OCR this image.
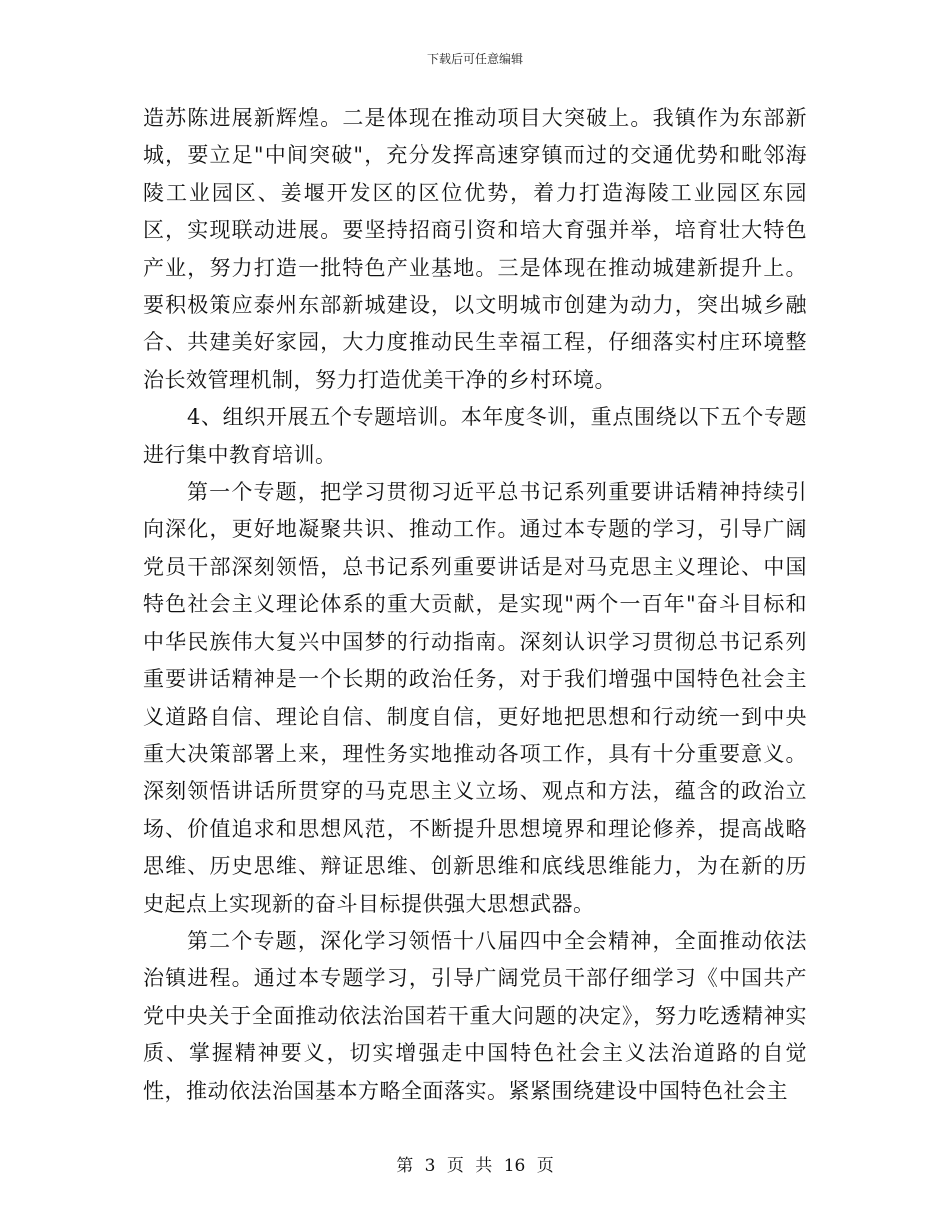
下载后可任意编辑

造苏陈进展新辉煌。二是体现在推动项目大突破上。我镇作为东部新城，要立足"中间突破"，充分发挥高速穿镇而过的交通优势和毗邻海陵工业园区、姜堰开发区的区位优势，着力打造海陵工业园区东园区，实现联动进展。要坚持招商引资和培大育强并举，培育壮大特色产业，努力打造一批特色产业基地。三是体现在推动城建新提升上。要积极策应泰州东部新城建设，以文明城市创建为动力，突出城乡融合、共建美好家园，大力度推动民生幸福工程，仔细落实村庄环境整治长效管理机制，努力打造优美干净的乡村环境。

4、组织开展五个专题培训。本年度冬训，重点围绕以下五个专题进行集中教育培训。

第一个专题，把学习贯彻习近平总书记系列重要讲话精神持续引向深化，更好地凝聚共识、推动工作。通过本专题的学习，引导广阔党员干部深刻领悟，总书记系列重要讲话是对马克思主义理论、中国特色社会主义理论体系的重大贡献，是实现"两个一百年"奋斗目标和中华民族伟大复兴中国梦的行动指南。深刻认识学习贯彻总书记系列重要讲话精神是一个长期的政治任务，对于我们增强中国特色社会主义道路自信、理论自信、制度自信，更好地把思想和行动统一到中央重大决策部署上来，理性务实地推动各项工作，具有十分重要意义。深刻领悟讲话所贯穿的马克思主义立场、观点和方法，蕴含的政治立场、价值追求和思想风范，不断提升思想境界和理论修养，提高战略思维、历史思维、辩证思维、创新思维和底线思维能力，为在新的历史起点上实现新的奋斗目标提供强大思想武器。

第二个专题，深化学习领悟十八届四中全会精神，全面推动依法治镇进程。通过本专题学习，引导广阔党员干部仔细学习《中国共产党中央关于全面推动依法治国若干重大问题的决定》，努力吃透精神实质、掌握精神要义，切实增强走中国特色社会主义法治道路的自觉性，推动依法治国基本方略全面落实。紧紧围绕建设中国特色社会主

第 3 页 共 16 页
